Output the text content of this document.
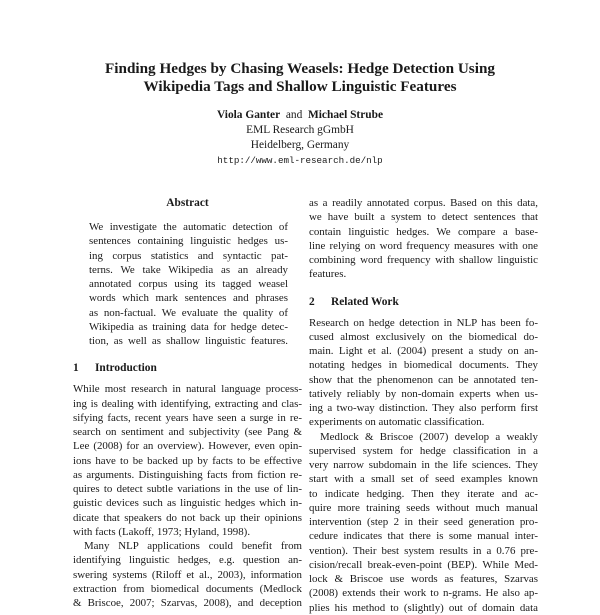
Finding Hedges by Chasing Weasels: Hedge Detection Using
Wikipedia Tags and Shallow Linguistic Features
Viola Ganter and Michael Strube
EML Research gGmbH
Heidelberg, Germany
http://www.eml-research.de/nlp
Abstract
We investigate the automatic detection of
sentences containing linguistic hedges us-
ing corpus statistics and syntactic pat-
terns. We take Wikipedia as an already
annotated corpus using its tagged weasel
words which mark sentences and phrases
as non-factual. We evaluate the quality of
Wikipedia as training data for hedge detec-
tion, as well as shallow linguistic features.
1 Introduction

While most research in natural language process-
ing is dealing with identifying, extracting and clas-
sifying facts, recent years have seen a surge in re-
search on sentiment and subjectivity (see Pang &
Lee (2008) for an overview). However, even opin-
ions have to be backed up by facts to be effective
as arguments. Distinguishing facts from fiction re-
quires to detect subtle variations in the use of lin-
guistic devices such as linguistic hedges which in-
dicate that speakers do not back up their opinions
with facts (Lakoff, 1973; Hyland, 1998).

Many NLP applications could benefit from
identifying linguistic hedges, e.g. question an-
swering systems (Riloff et al., 2003), information
extraction from biomedical documents (Medlock
& Briscoe, 2007; Szarvas, 2008), and deception

as a readily annotated corpus. Based on this data,
we have built a system to detect sentences that
contain linguistic hedges. We compare a base-
line relying on word frequency measures with one
combining word frequency with shallow linguistic
features.

2 Related Work

Research on hedge detection in NLP has been fo-
cused almost exclusively on the biomedical do-
main. Light et al. (2004) present a study on an-
notating hedges in biomedical documents. They
show that the phenomenon can be annotated ten-
tatively reliably by non-domain experts when us-
ing a two-way distinction. They also perform first
experiments on automatic classification.

Medlock & Briscoe (2007) develop a weakly
supervised system for hedge classification in a
very narrow subdomain in the life sciences. They
start with a small set of seed examples known
to indicate hedging. Then they iterate and ac-
quire more training seeds without much manual
intervention (step 2 in their seed generation pro-
cedure indicates that there is some manual inter-
vention). Their best system results in a 0.76 pre-
cision/recall break-even-point (BEP). While Med-
lock & Briscoe use words as features, Szarvas
(2008) extends their work to n-grams. He also ap-
plies his method to (slightly) out of domain data
